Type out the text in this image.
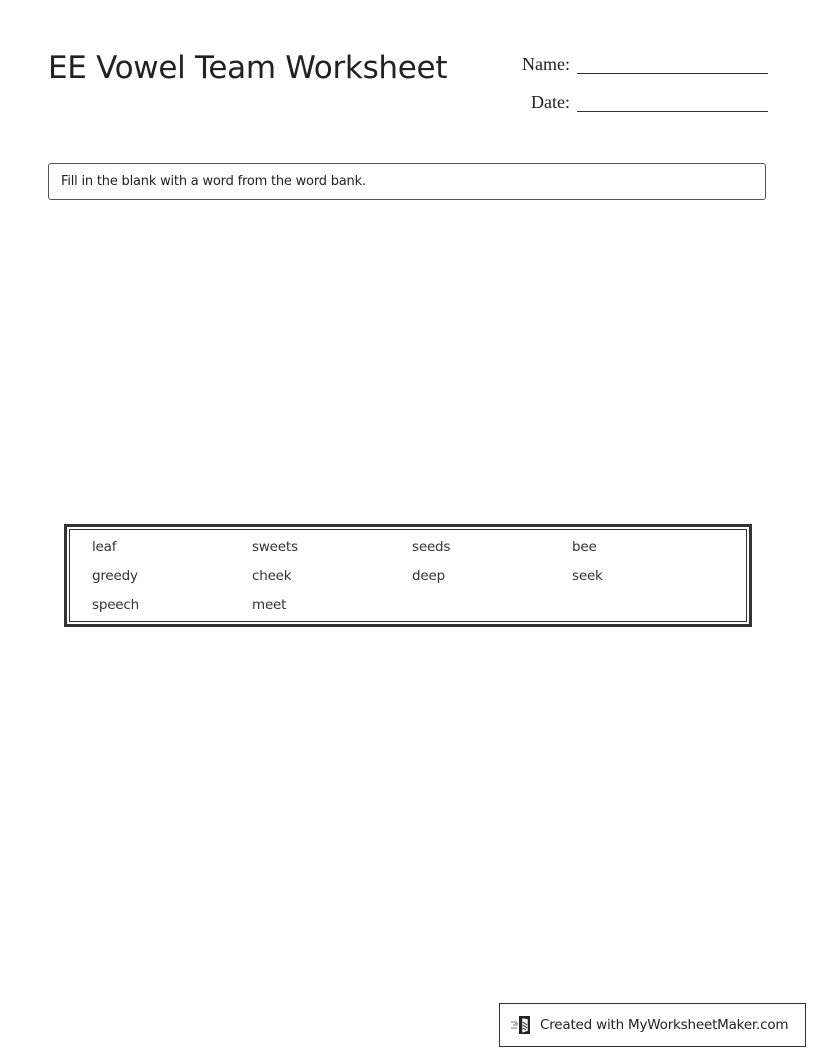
EE Vowel Team Worksheet	Name:
Date:
Fill in the blank with a word from the word bank.
leaf	sweets	seeds	bee
greedy	cheek	deep	seek
speech	meet
Created with MyWorksheetMaker.com
